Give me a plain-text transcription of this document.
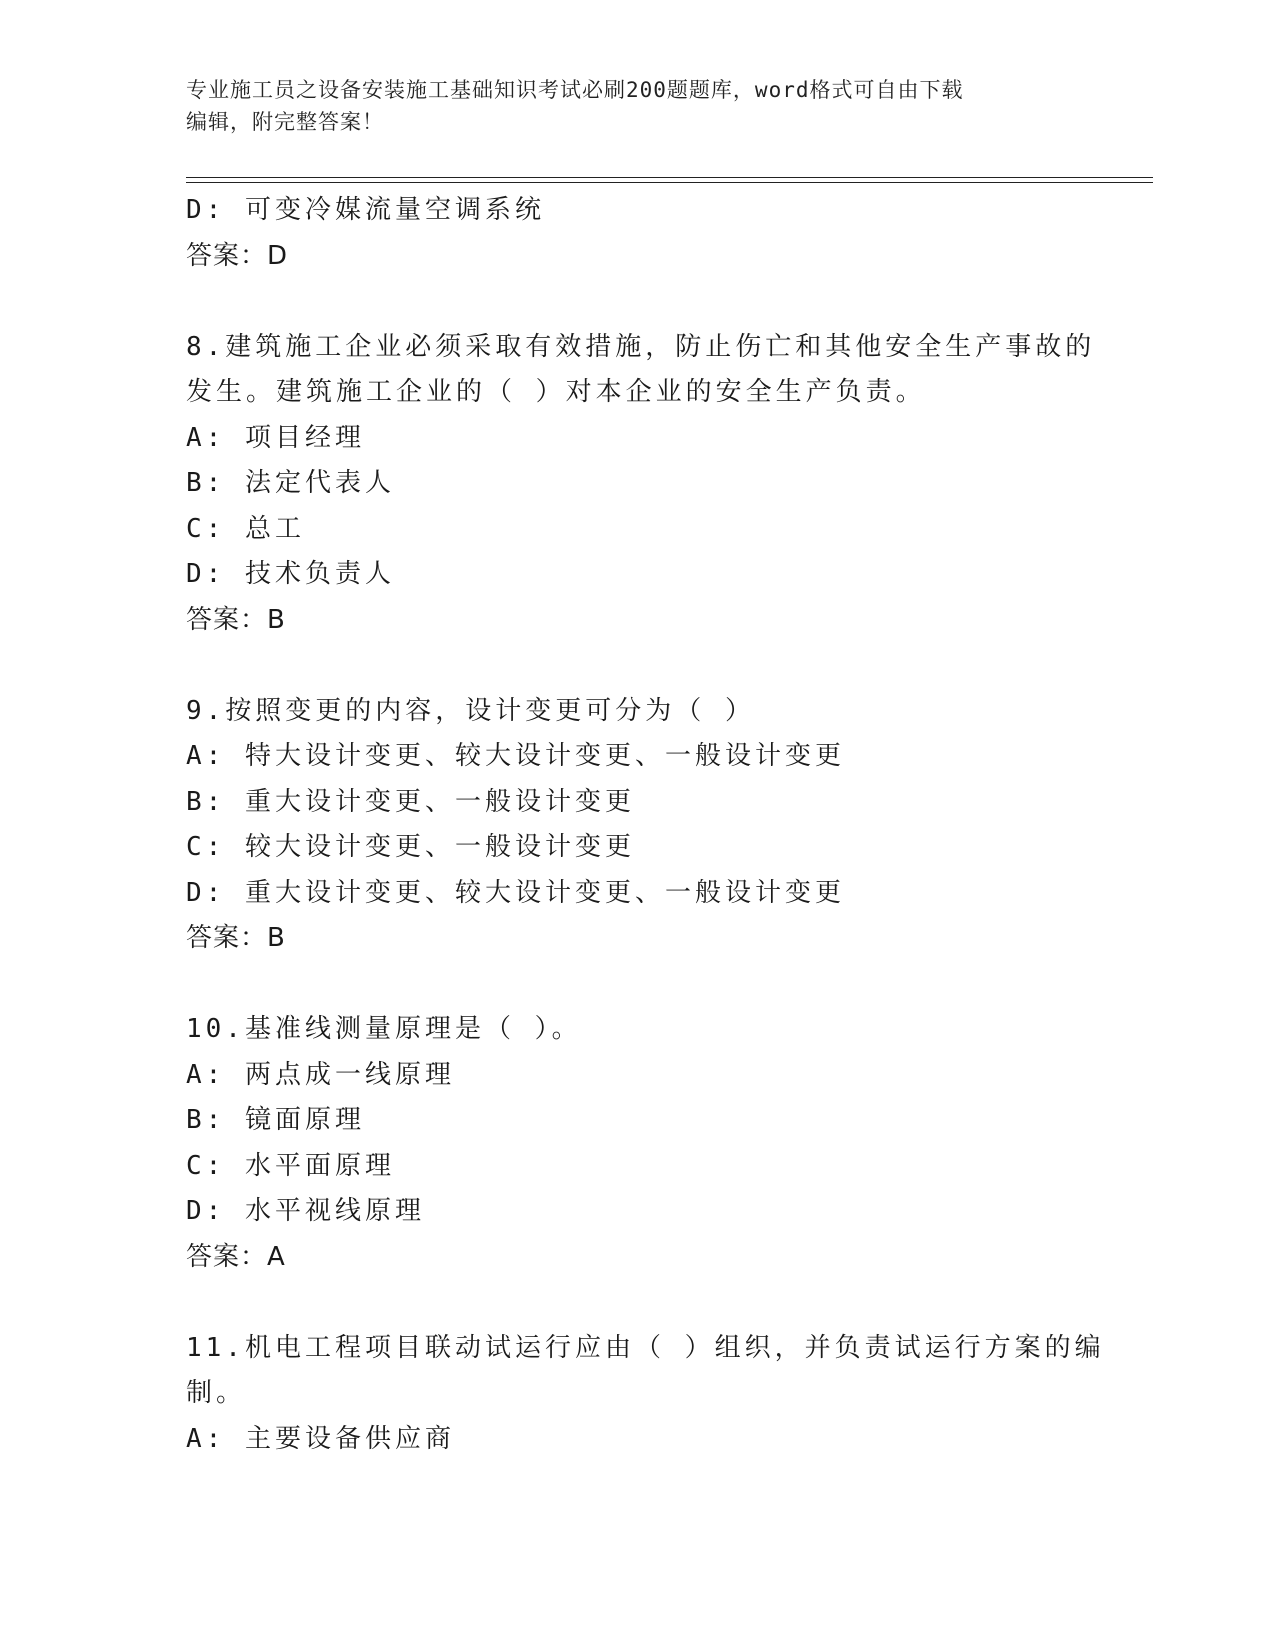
专业施工员之设备安装施工基础知识考试必刷200题题库，word格式可自由下载
编辑，附完整答案！
D: 可变冷媒流量空调系统
答案：D
8.建筑施工企业必须采取有效措施，防止伤亡和其他安全生产事故的
发生。建筑施工企业的（ ）对本企业的安全生产负责。
A: 项目经理
B: 法定代表人
C: 总工
D: 技术负责人
答案：B
9.按照变更的内容，设计变更可分为（ ）
A: 特大设计变更、较大设计变更、一般设计变更
B: 重大设计变更、一般设计变更
C: 较大设计变更、一般设计变更
D: 重大设计变更、较大设计变更、一般设计变更
答案：B
10.基准线测量原理是（ ）。
A: 两点成一线原理
B: 镜面原理
C: 水平面原理
D: 水平视线原理
答案：A
11.机电工程项目联动试运行应由（ ）组织，并负责试运行方案的编
制。
A: 主要设备供应商
